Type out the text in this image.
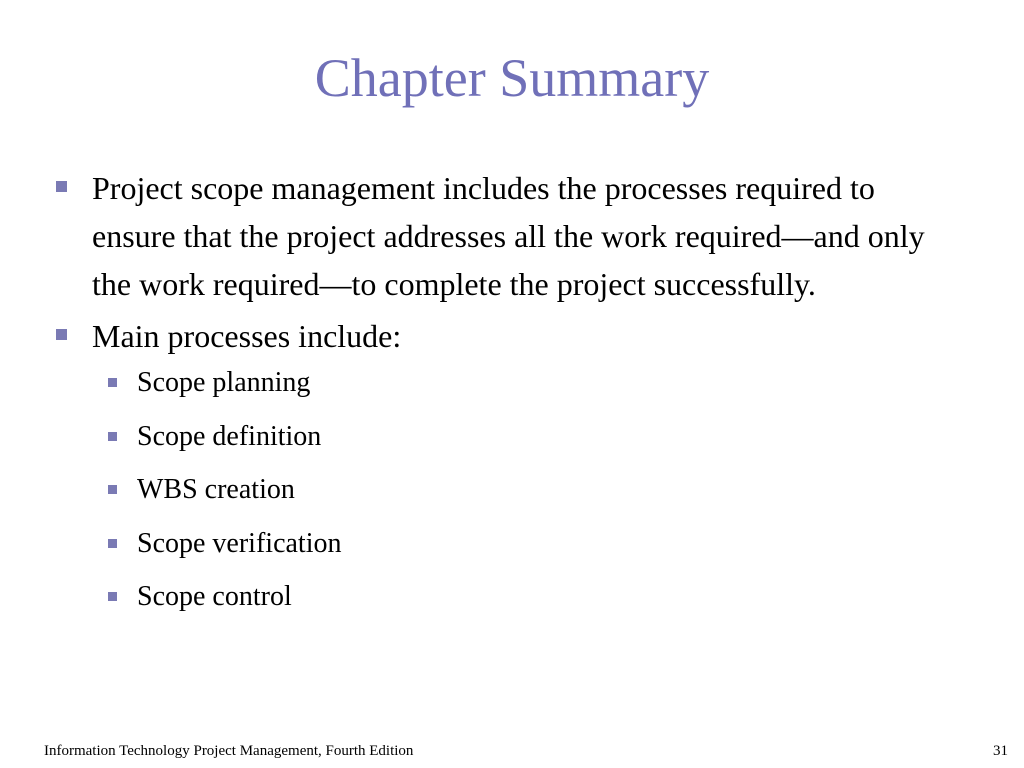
Chapter Summary
Project scope management includes the processes required to ensure that the project addresses all the work required—and only the work required—to complete the project successfully.
Main processes include:
Scope planning
Scope definition
WBS creation
Scope verification
Scope control
Information Technology Project Management, Fourth Edition	31
